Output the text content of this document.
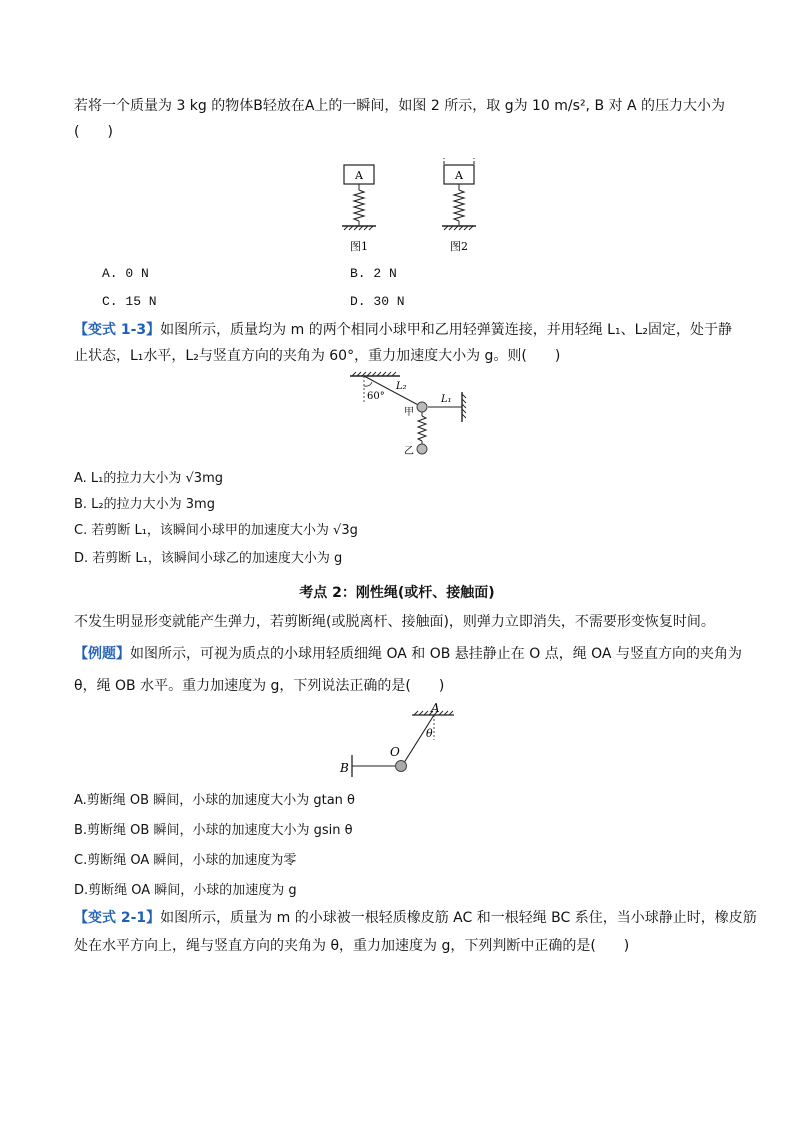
若将一个质量为 3 kg 的物体B轻放在A上的一瞬间，如图 2 所示，取 g为 10 m/s², B 对 A 的压力大小为
(　　)
A
图1
A
图2
A. 0 N	B. 2 N
C. 15 N	D. 30 N
【变式 1-3】如图所示，质量均为 m 的两个相同小球甲和乙用轻弹簧连接，并用轻绳 L₁、L₂固定，处于静
止状态，L₁水平，L₂与竖直方向的夹角为 60°，重力加速度大小为 g。则(　　)
60°
L₂
L₁
甲
乙
A. L₁的拉力大小为 √3mg
B. L₂的拉力大小为 3mg
C. 若剪断 L₁，该瞬间小球甲的加速度大小为 √3g
D. 若剪断 L₁，该瞬间小球乙的加速度大小为 g
考点 2：刚性绳(或杆、接触面)
不发生明显形变就能产生弹力，若剪断绳(或脱离杆、接触面)，则弹力立即消失，不需要形变恢复时间。
【例题】如图所示，可视为质点的小球用轻质细绳 OA 和 OB 悬挂静止在 O 点，绳 OA 与竖直方向的夹角为
θ，绳 OB 水平。重力加速度为 g，下列说法正确的是(　　)
A
θ
O
B
A.剪断绳 OB 瞬间，小球的加速度大小为 gtan θ
B.剪断绳 OB 瞬间，小球的加速度大小为 gsin θ
C.剪断绳 OA 瞬间，小球的加速度为零
D.剪断绳 OA 瞬间，小球的加速度为 g
【变式 2-1】如图所示，质量为 m 的小球被一根轻质橡皮筋 AC 和一根轻绳 BC 系住，当小球静止时，橡皮筋
处在水平方向上，绳与竖直方向的夹角为 θ，重力加速度为 g，下列判断中正确的是(　　)
